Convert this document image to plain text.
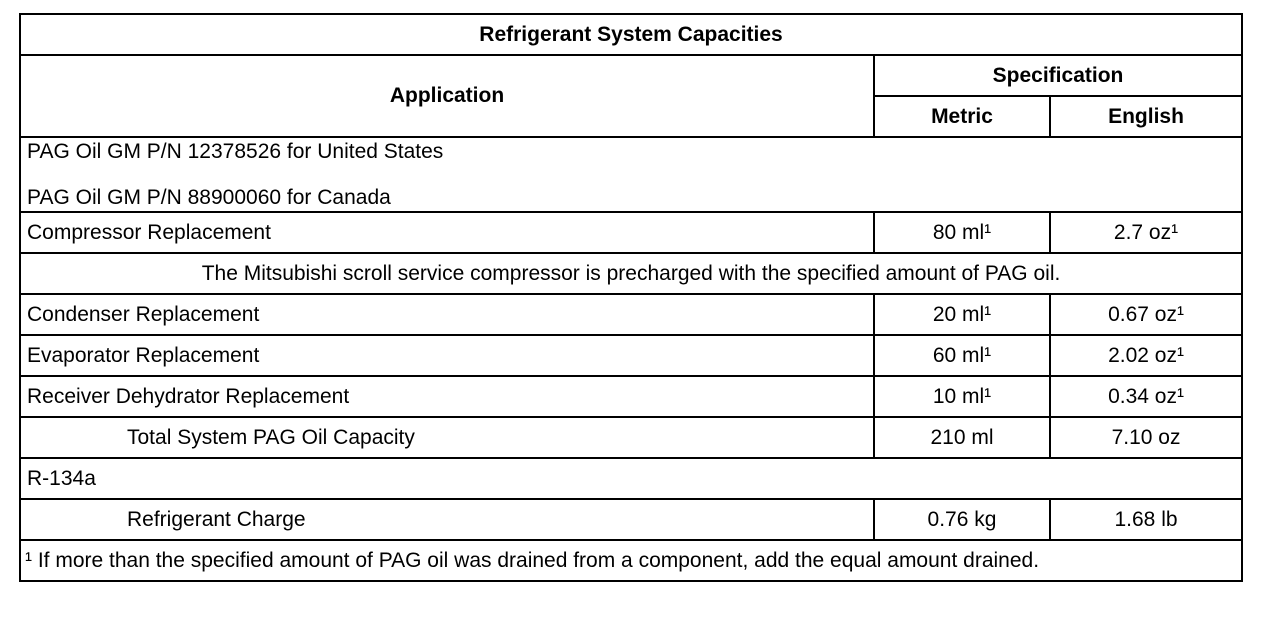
Refrigerant System Capacities		
Application	Specification	
	Metric	English

PAG Oil GM P/N 12378526 for United States
PAG Oil GM P/N 88900060 for Canada		

Compressor Replacement	80 ml¹	2.7 oz¹
The Mitsubishi scroll service compressor is precharged with the specified amount of PAG oil.		
Condenser Replacement	20 ml¹	0.67 oz¹
Evaporator Replacement	60 ml¹	2.02 oz¹
Receiver Dehydrator Replacement	10 ml¹	0.34 oz¹
Total System PAG Oil Capacity	210 ml	7.10 oz
R-134a		
Refrigerant Charge	0.76 kg	1.68 lb
¹ If more than the specified amount of PAG oil was drained from a component, add the equal amount drained.		
